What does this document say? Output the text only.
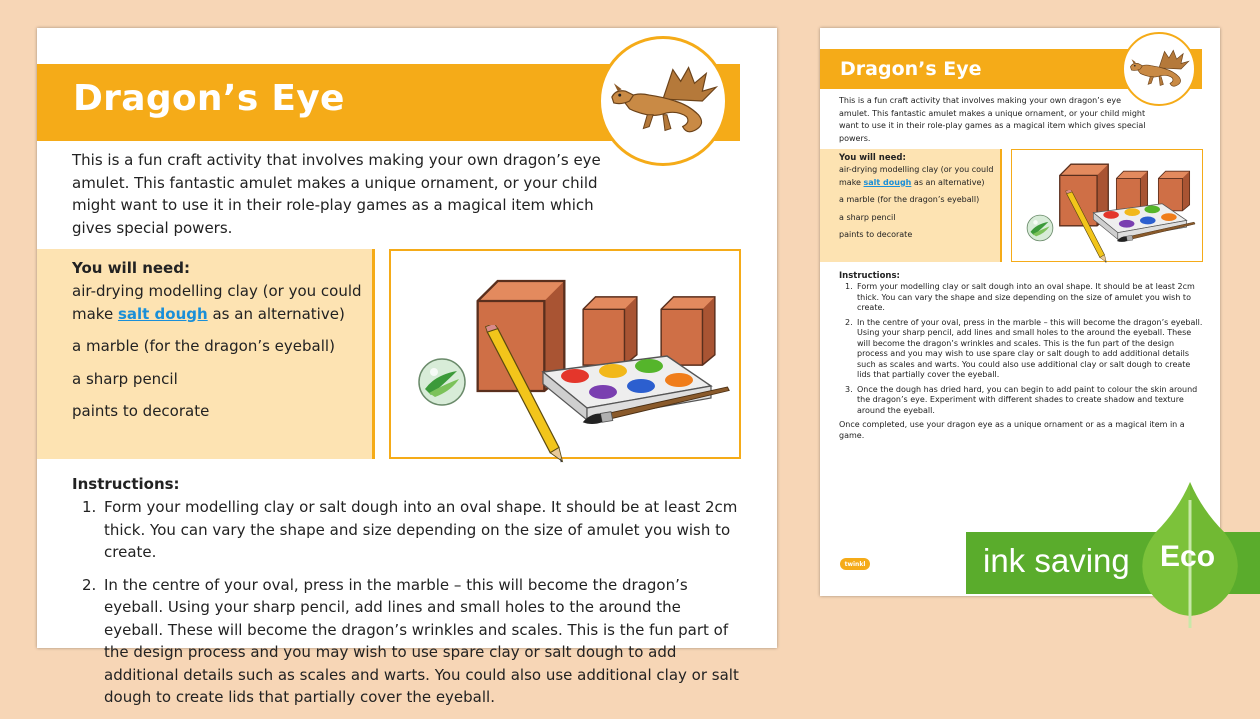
Dragon’s Eye

This is a fun craft activity that involves making your own dragon’s eye amulet. This fantastic amulet makes a unique ornament, or your child might want to use it in their role-play games as a magical item which gives special powers.

You will need:

air-drying modelling clay (or you could make salt dough as an alternative)

a marble (for the dragon’s eyeball)

a sharp pencil

paints to decorate

Instructions:
1. Form your modelling clay or salt dough into an oval shape. It should be at least 2cm thick. You can vary the shape and size depending on the size of amulet you wish to create.
2. In the centre of your oval, press in the marble – this will become the dragon’s eyeball. Using your sharp pencil, add lines and small holes to the around the eyeball. These will become the dragon’s wrinkles and scales. This is the fun part of the design process and you may wish to use spare clay or salt dough to add additional details such as scales and warts. You could also use additional clay or salt dough to create lids that partially cover the eyeball.
Dragon’s Eye

This is a fun craft activity that involves making your own dragon’s eye amulet. This fantastic amulet makes a unique ornament, or your child might want to use it in their role-play games as a magical item which gives special powers.

You will need:

air-drying modelling clay (or you could make salt dough as an alternative)

a marble (for the dragon’s eyeball)

a sharp pencil

paints to decorate

Instructions:
1. Form your modelling clay or salt dough into an oval shape. It should be at least 2cm thick. You can vary the shape and size depending on the size of amulet you wish to create.
2. In the centre of your oval, press in the marble – this will become the dragon’s eyeball. Using your sharp pencil, add lines and small holes to the around the eyeball. These will become the dragon’s wrinkles and scales. This is the fun part of the design process and you may wish to use spare clay or salt dough to add additional details such as scales and warts. You could also use additional clay or salt dough to create lids that partially cover the eyeball.
3. Once the dough has dried hard, you can begin to add paint to colour the skin around the dragon’s eye. Experiment with different shades to create shadow and texture around the eyeball.

Once completed, use your dragon eye as a unique ornament or as a magical item in a game.

twinkl	ink saving Eco
